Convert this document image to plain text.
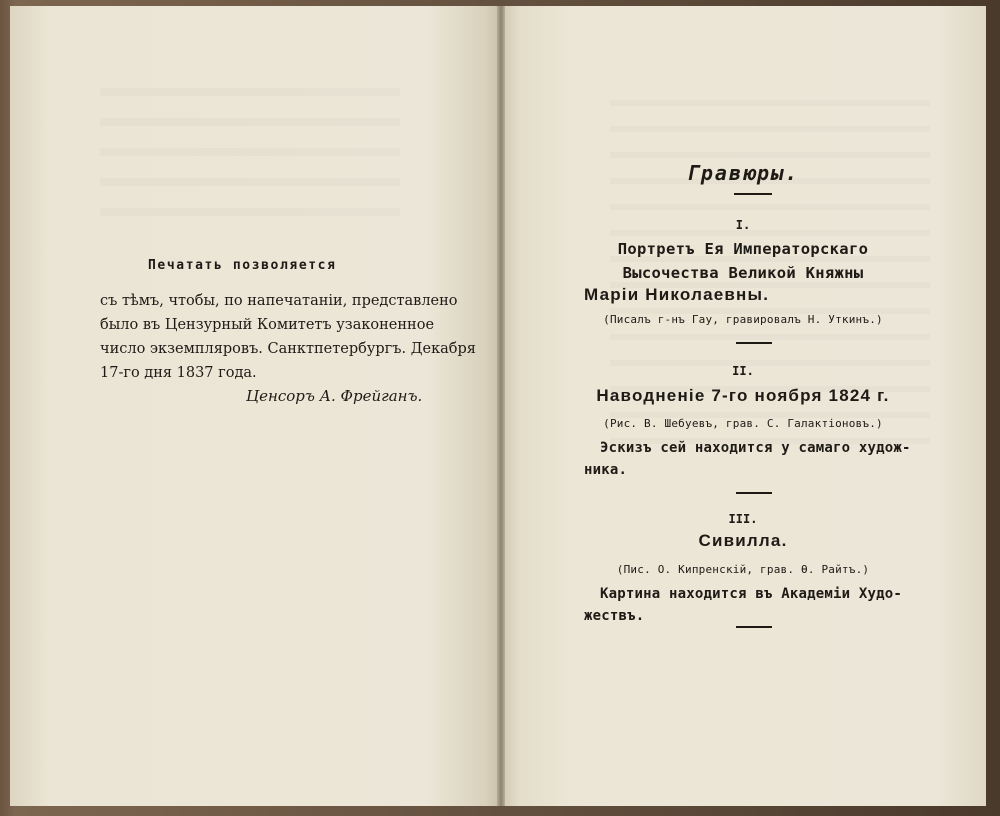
Печатать позволяется
съ тѣмъ, чтобы, по напечатаніи, представлено
было въ Цензурный Комитетъ узаконенное
число экземпляровъ. Санктпетербургъ. Декабря
17-го дня 1837 года.
Ценсоръ А. Фрейганъ.
Гравюры.
I.
Портретъ Ея Императорскаго
Высочества Великой Княжны
Маріи Николаевны.
(Писалъ г-нъ Гау, гравировалъ Н. Уткинъ.)
II.
Наводненіе 7-го ноября 1824 г.
(Рис. В. Шебуевъ, грав. С. Галактіоновъ.)
Эскизъ сей находится у самаго худож-
ника.
III.
Сивилла.
(Пис. О. Кипренскій, грав. Ѳ. Райтъ.)
Картина находится въ Академіи Худо-
жествъ.
